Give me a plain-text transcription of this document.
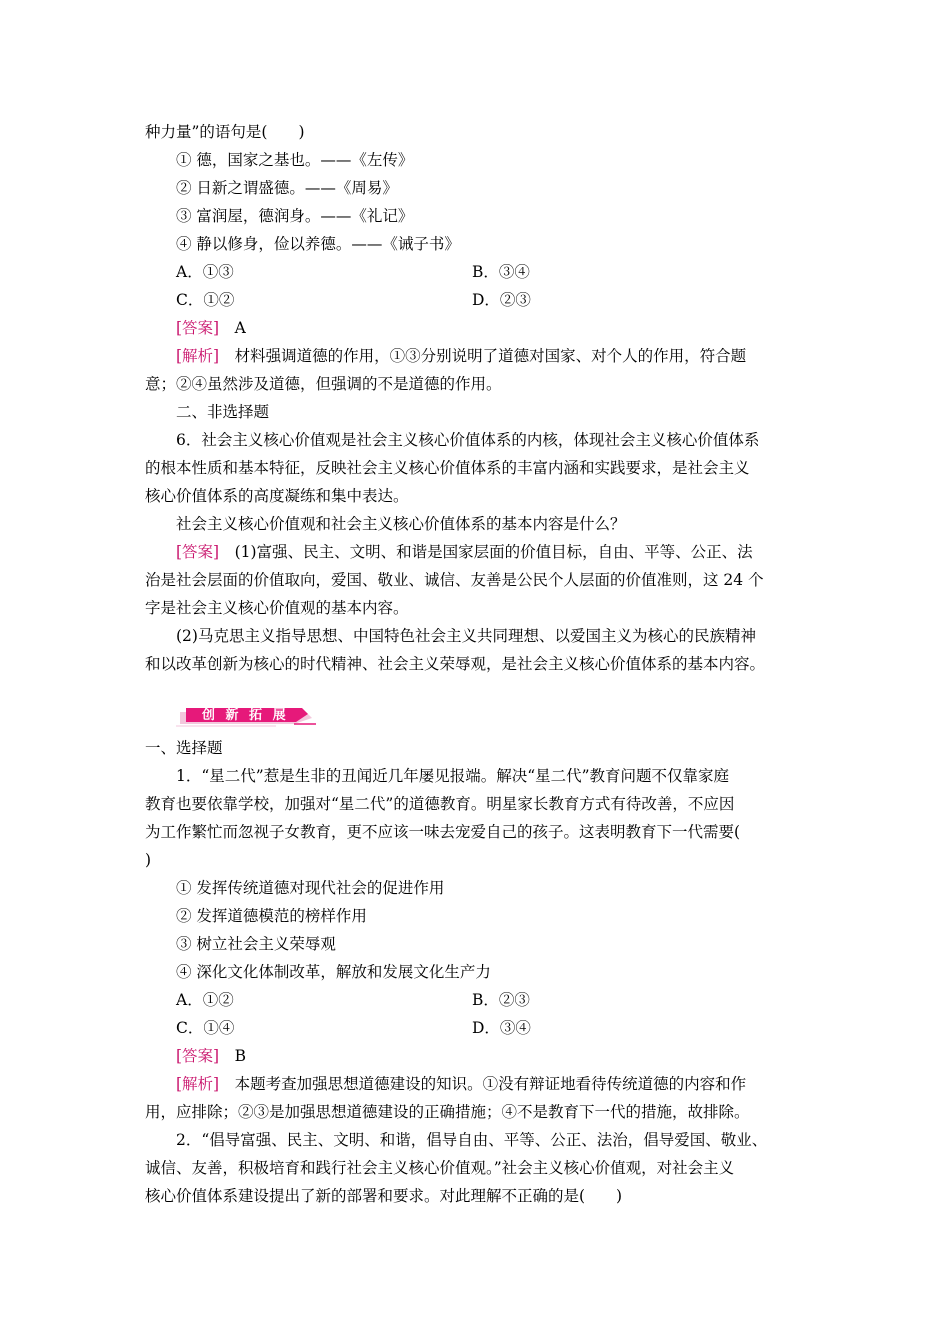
种力量”的语句是(　　)
① 德，国家之基也。——《左传》
② 日新之谓盛德。——《周易》
③ 富润屋，德润身。——《礼记》
④ 静以修身，俭以养德。——《诫子书》
A．①③	B．③④
C．①②	D．②③
[答案]　A
[解析]　材料强调道德的作用，①③分别说明了道德对国家、对个人的作用，符合题
意；②④虽然涉及道德，但强调的不是道德的作用。
二、非选择题
6．社会主义核心价值观是社会主义核心价值体系的内核，体现社会主义核心价值体系
的根本性质和基本特征，反映社会主义核心价值体系的丰富内涵和实践要求，是社会主义
核心价值体系的高度凝练和集中表达。
社会主义核心价值观和社会主义核心价值体系的基本内容是什么？
[答案]　(1)富强、民主、文明、和谐是国家层面的价值目标，自由、平等、公正、法
治是社会层面的价值取向，爱国、敬业、诚信、友善是公民个人层面的价值准则，这 24 个
字是社会主义核心价值观的基本内容。
(2)马克思主义指导思想、中国特色社会主义共同理想、以爱国主义为核心的民族精神
和以改革创新为核心的时代精神、社会主义荣辱观，是社会主义核心价值体系的基本内容。
创 新 拓 展
一、选择题
1．“星二代”惹是生非的丑闻近几年屡见报端。解决“星二代”教育问题不仅靠家庭
教育也要依靠学校，加强对“星二代”的道德教育。明星家长教育方式有待改善，不应因
为工作繁忙而忽视子女教育，更不应该一味去宠爱自己的孩子。这表明教育下一代需要(
)
① 发挥传统道德对现代社会的促进作用
② 发挥道德模范的榜样作用
③ 树立社会主义荣辱观
④ 深化文化体制改革，解放和发展文化生产力
A．①②	B．②③
C．①④	D．③④
[答案]　B
[解析]　本题考查加强思想道德建设的知识。①没有辩证地看待传统道德的内容和作
用，应排除；②③是加强思想道德建设的正确措施；④不是教育下一代的措施，故排除。
2．“倡导富强、民主、文明、和谐，倡导自由、平等、公正、法治，倡导爱国、敬业、
诚信、友善，积极培育和践行社会主义核心价值观。”社会主义核心价值观，对社会主义
核心价值体系建设提出了新的部署和要求。对此理解不正确的是(　　)
